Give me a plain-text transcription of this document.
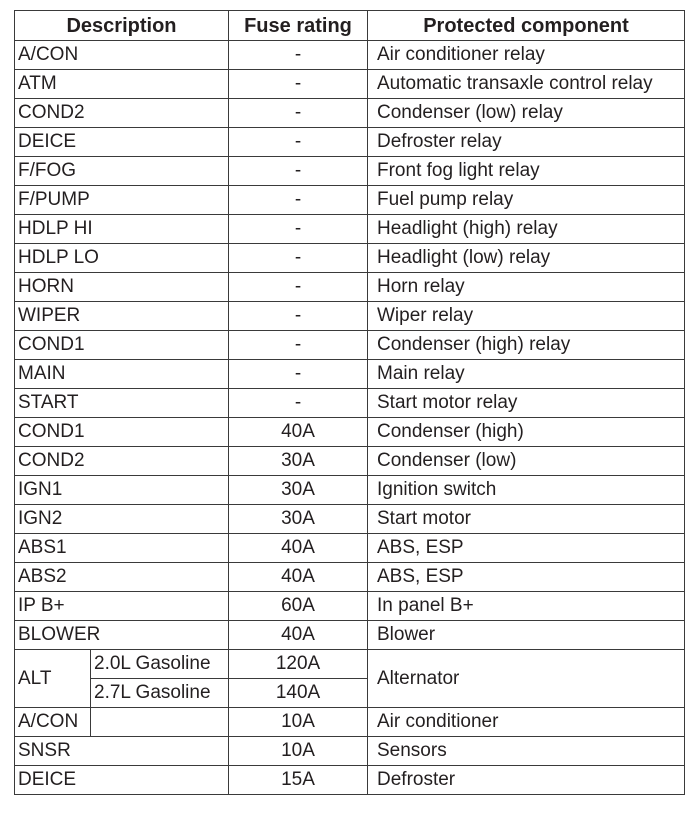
Description		Fuse rating	Protected component
A/CON		-	Air conditioner relay
ATM		-	Automatic transaxle control relay
COND2		-	Condenser (low) relay
DEICE		-	Defroster relay
F/FOG		-	Front fog light relay
F/PUMP		-	Fuel pump relay
HDLP HI		-	Headlight (high) relay
HDLP LO		-	Headlight (low) relay
HORN		-	Horn relay
WIPER		-	Wiper relay
COND1		-	Condenser (high) relay
MAIN		-	Main relay
START		-	Start motor relay
COND1		40A	Condenser (high)
COND2		30A	Condenser (low)
IGN1		30A	Ignition switch
IGN2		30A	Start motor
ABS1		40A	ABS, ESP
ABS2		40A	ABS, ESP
IP B+		60A	In panel B+
BLOWER		40A	Blower
ALT	2.0L Gasoline	120A	Alternator
	2.7L Gasoline	140A	
A/CON		10A	Air conditioner
SNSR		10A	Sensors
DEICE		15A	Defroster
